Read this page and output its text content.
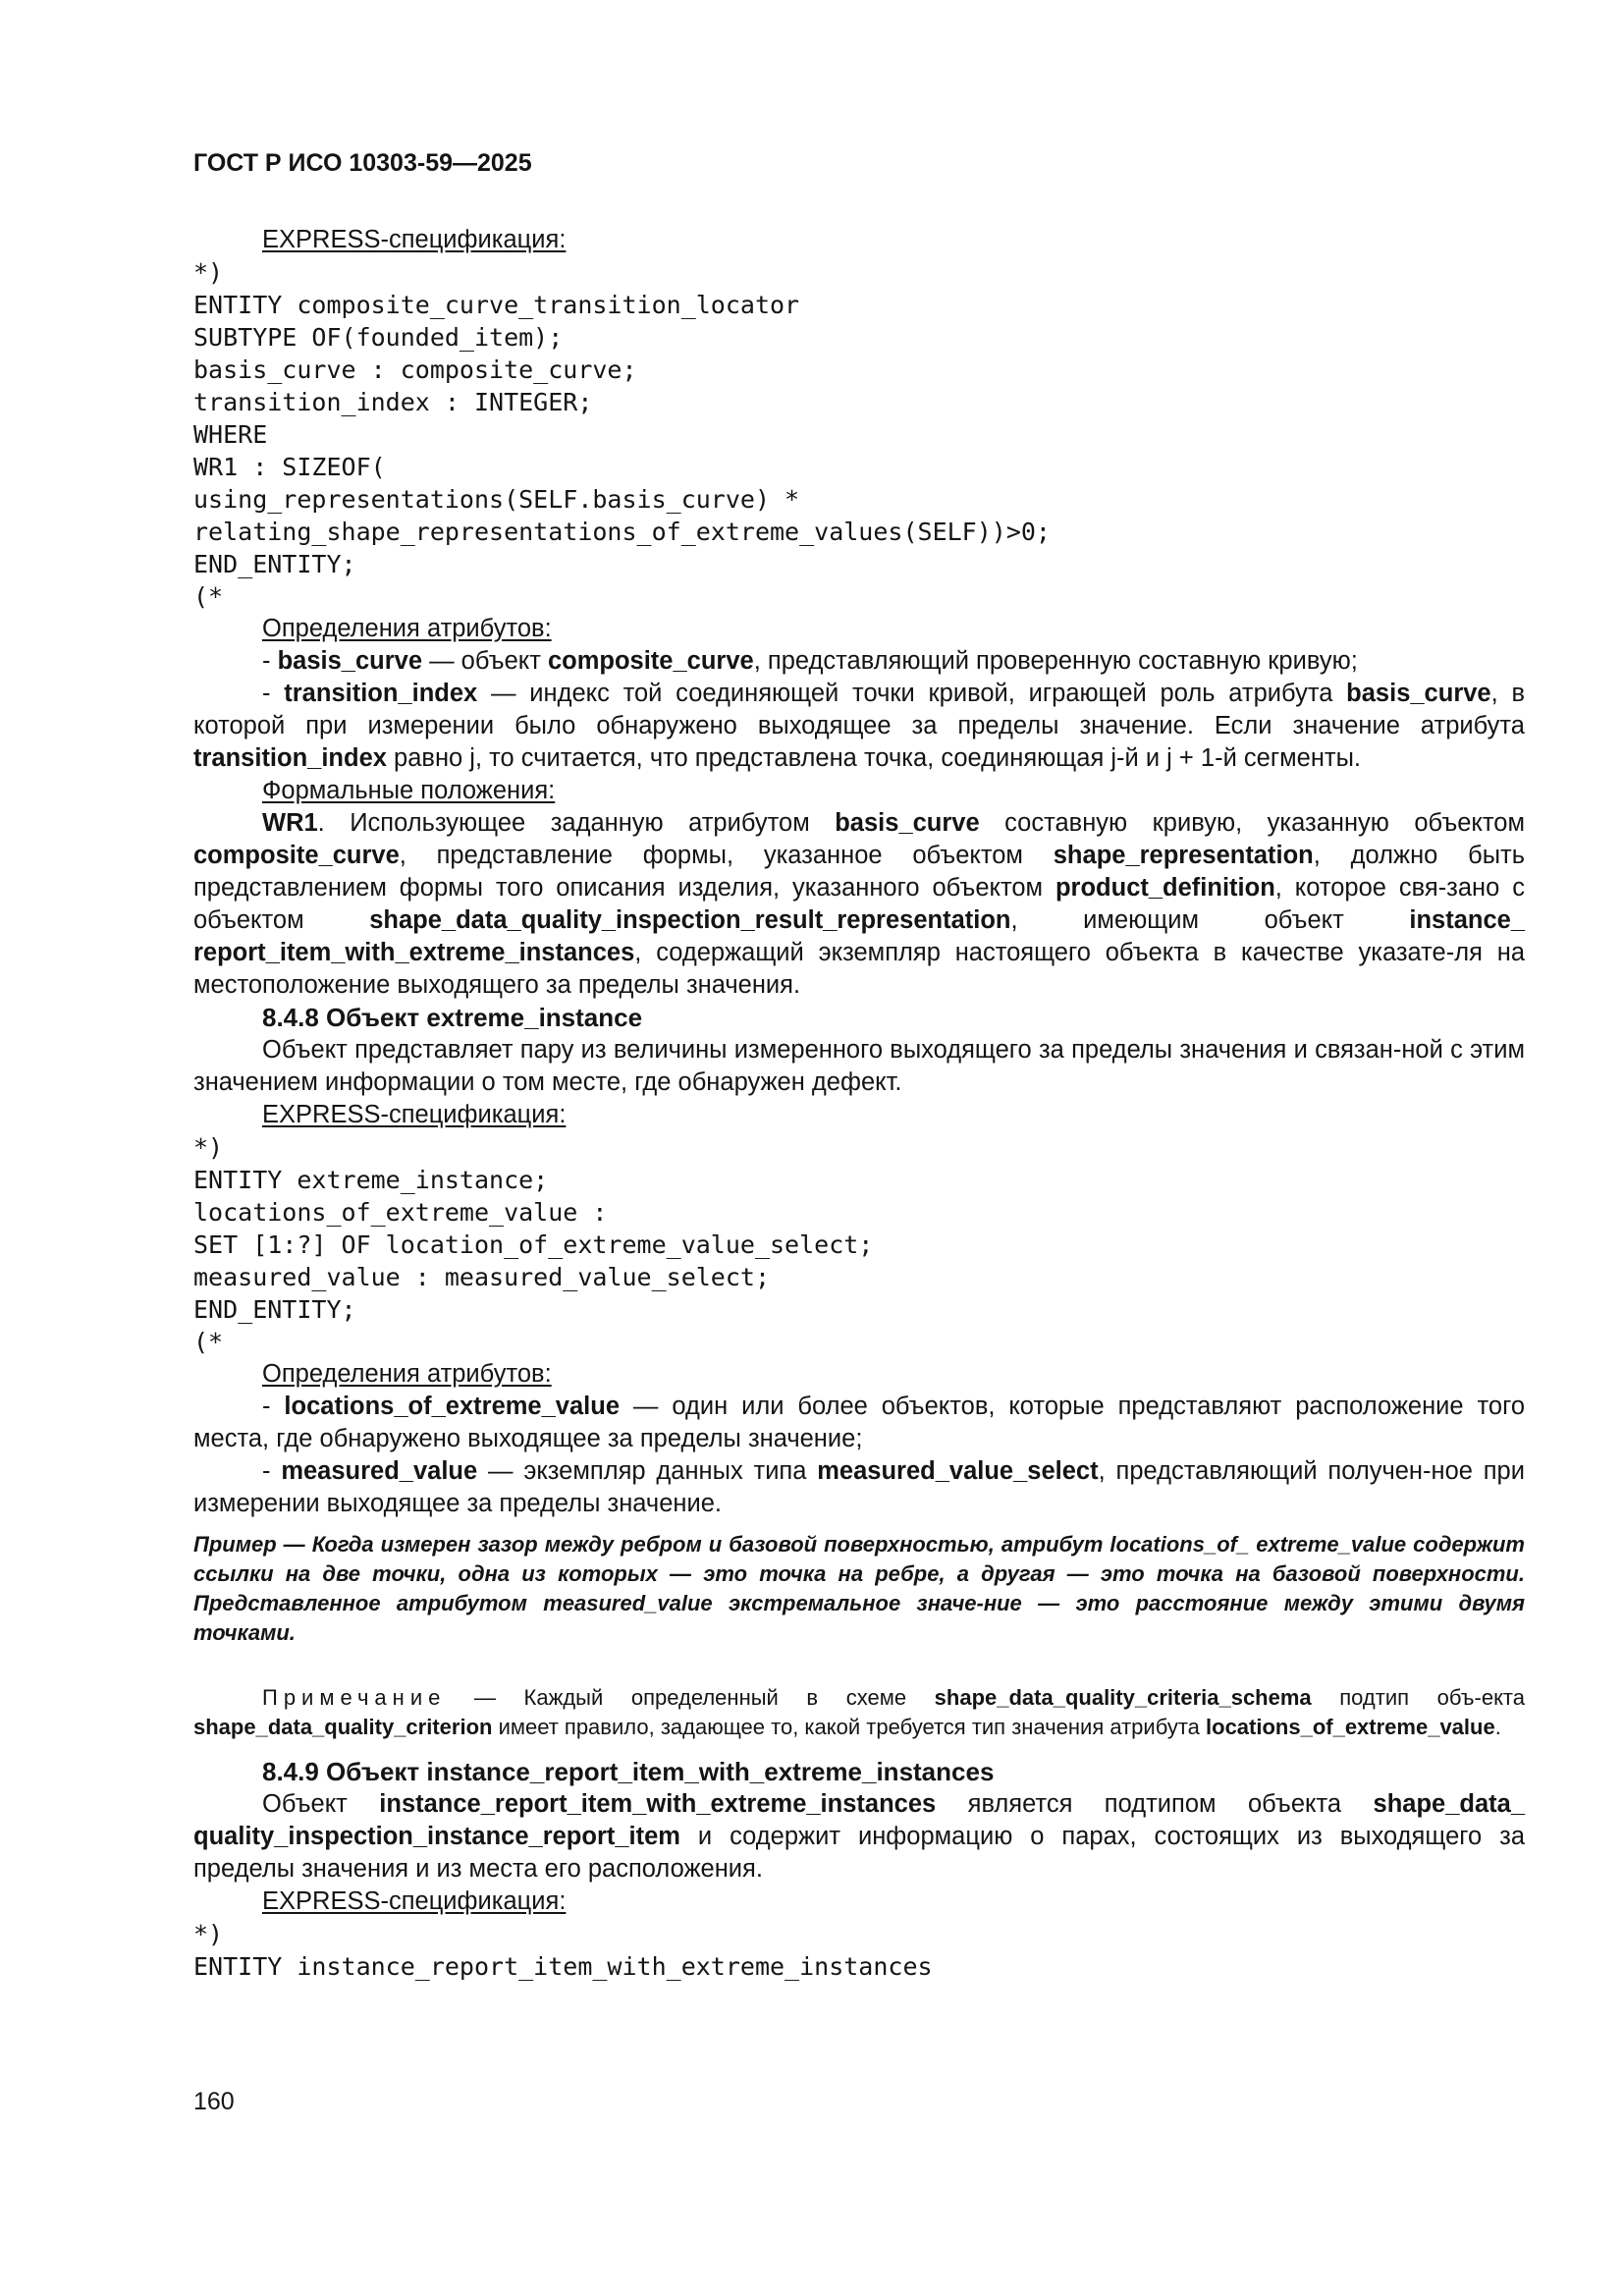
ГОСТ Р ИСО 10303-59—2025

EXPRESS-спецификация:

*)
ENTITY composite_curve_transition_locator
SUBTYPE OF(founded_item);
basis_curve : composite_curve;
transition_index : INTEGER;
WHERE
WR1 : SIZEOF(
using_representations(SELF.basis_curve) *
relating_shape_representations_of_extreme_values(SELF))>0;
END_ENTITY;
(*

Определения атрибутов:

- basis_curve — объект composite_curve, представляющий проверенную составную кривую;

- transition_index — индекс той соединяющей точки кривой, играющей роль атрибута basis_curve, в которой при измерении было обнаружено выходящее за пределы значение. Если значение атрибута transition_index равно j, то считается, что представлена точка, соединяющая j-й и j + 1-й сегменты.

Формальные положения:

WR1. Использующее заданную атрибутом basis_curve составную кривую, указанную объектом composite_curve, представление формы, указанное объектом shape_representation, должно быть представлением формы того описания изделия, указанного объектом product_definition, которое свя-зано с объектом shape_data_quality_inspection_result_representation, имеющим объект instance_ report_item_with_extreme_instances, содержащий экземпляр настоящего объекта в качестве указате-ля на местоположение выходящего за пределы значения.

8.4.8 Объект extreme_instance

Объект представляет пару из величины измеренного выходящего за пределы значения и связан-ной с этим значением информации о том месте, где обнаружен дефект.

EXPRESS-спецификация:

*)
ENTITY extreme_instance;
locations_of_extreme_value :
SET [1:?] OF location_of_extreme_value_select;
measured_value : measured_value_select;
END_ENTITY;
(*

Определения атрибутов:

- locations_of_extreme_value — один или более объектов, которые представляют расположение того места, где обнаружено выходящее за пределы значение;

- measured_value — экземпляр данных типа measured_value_select, представляющий получен-ное при измерении выходящее за пределы значение.

Пример — Когда измерен зазор между ребром и базовой поверхностью, атрибут locations_of_ extreme_value содержит ссылки на две точки, одна из которых — это точка на ребре, а другая — это точка на базовой поверхности. Представленное атрибутом measured_value экстремальное значе-ние — это расстояние между этими двумя точками.

Примечание — Каждый определенный в схеме shape_data_quality_criteria_schema подтип объ-екта shape_data_quality_criterion имеет правило, задающее то, какой требуется тип значения атрибута locations_of_extreme_value.

8.4.9 Объект instance_report_item_with_extreme_instances

Объект instance_report_item_with_extreme_instances является подтипом объекта shape_data_ quality_inspection_instance_report_item и содержит информацию о парах, состоящих из выходящего за пределы значения и из места его расположения.

EXPRESS-спецификация:

*)
ENTITY instance_report_item_with_extreme_instances
160
